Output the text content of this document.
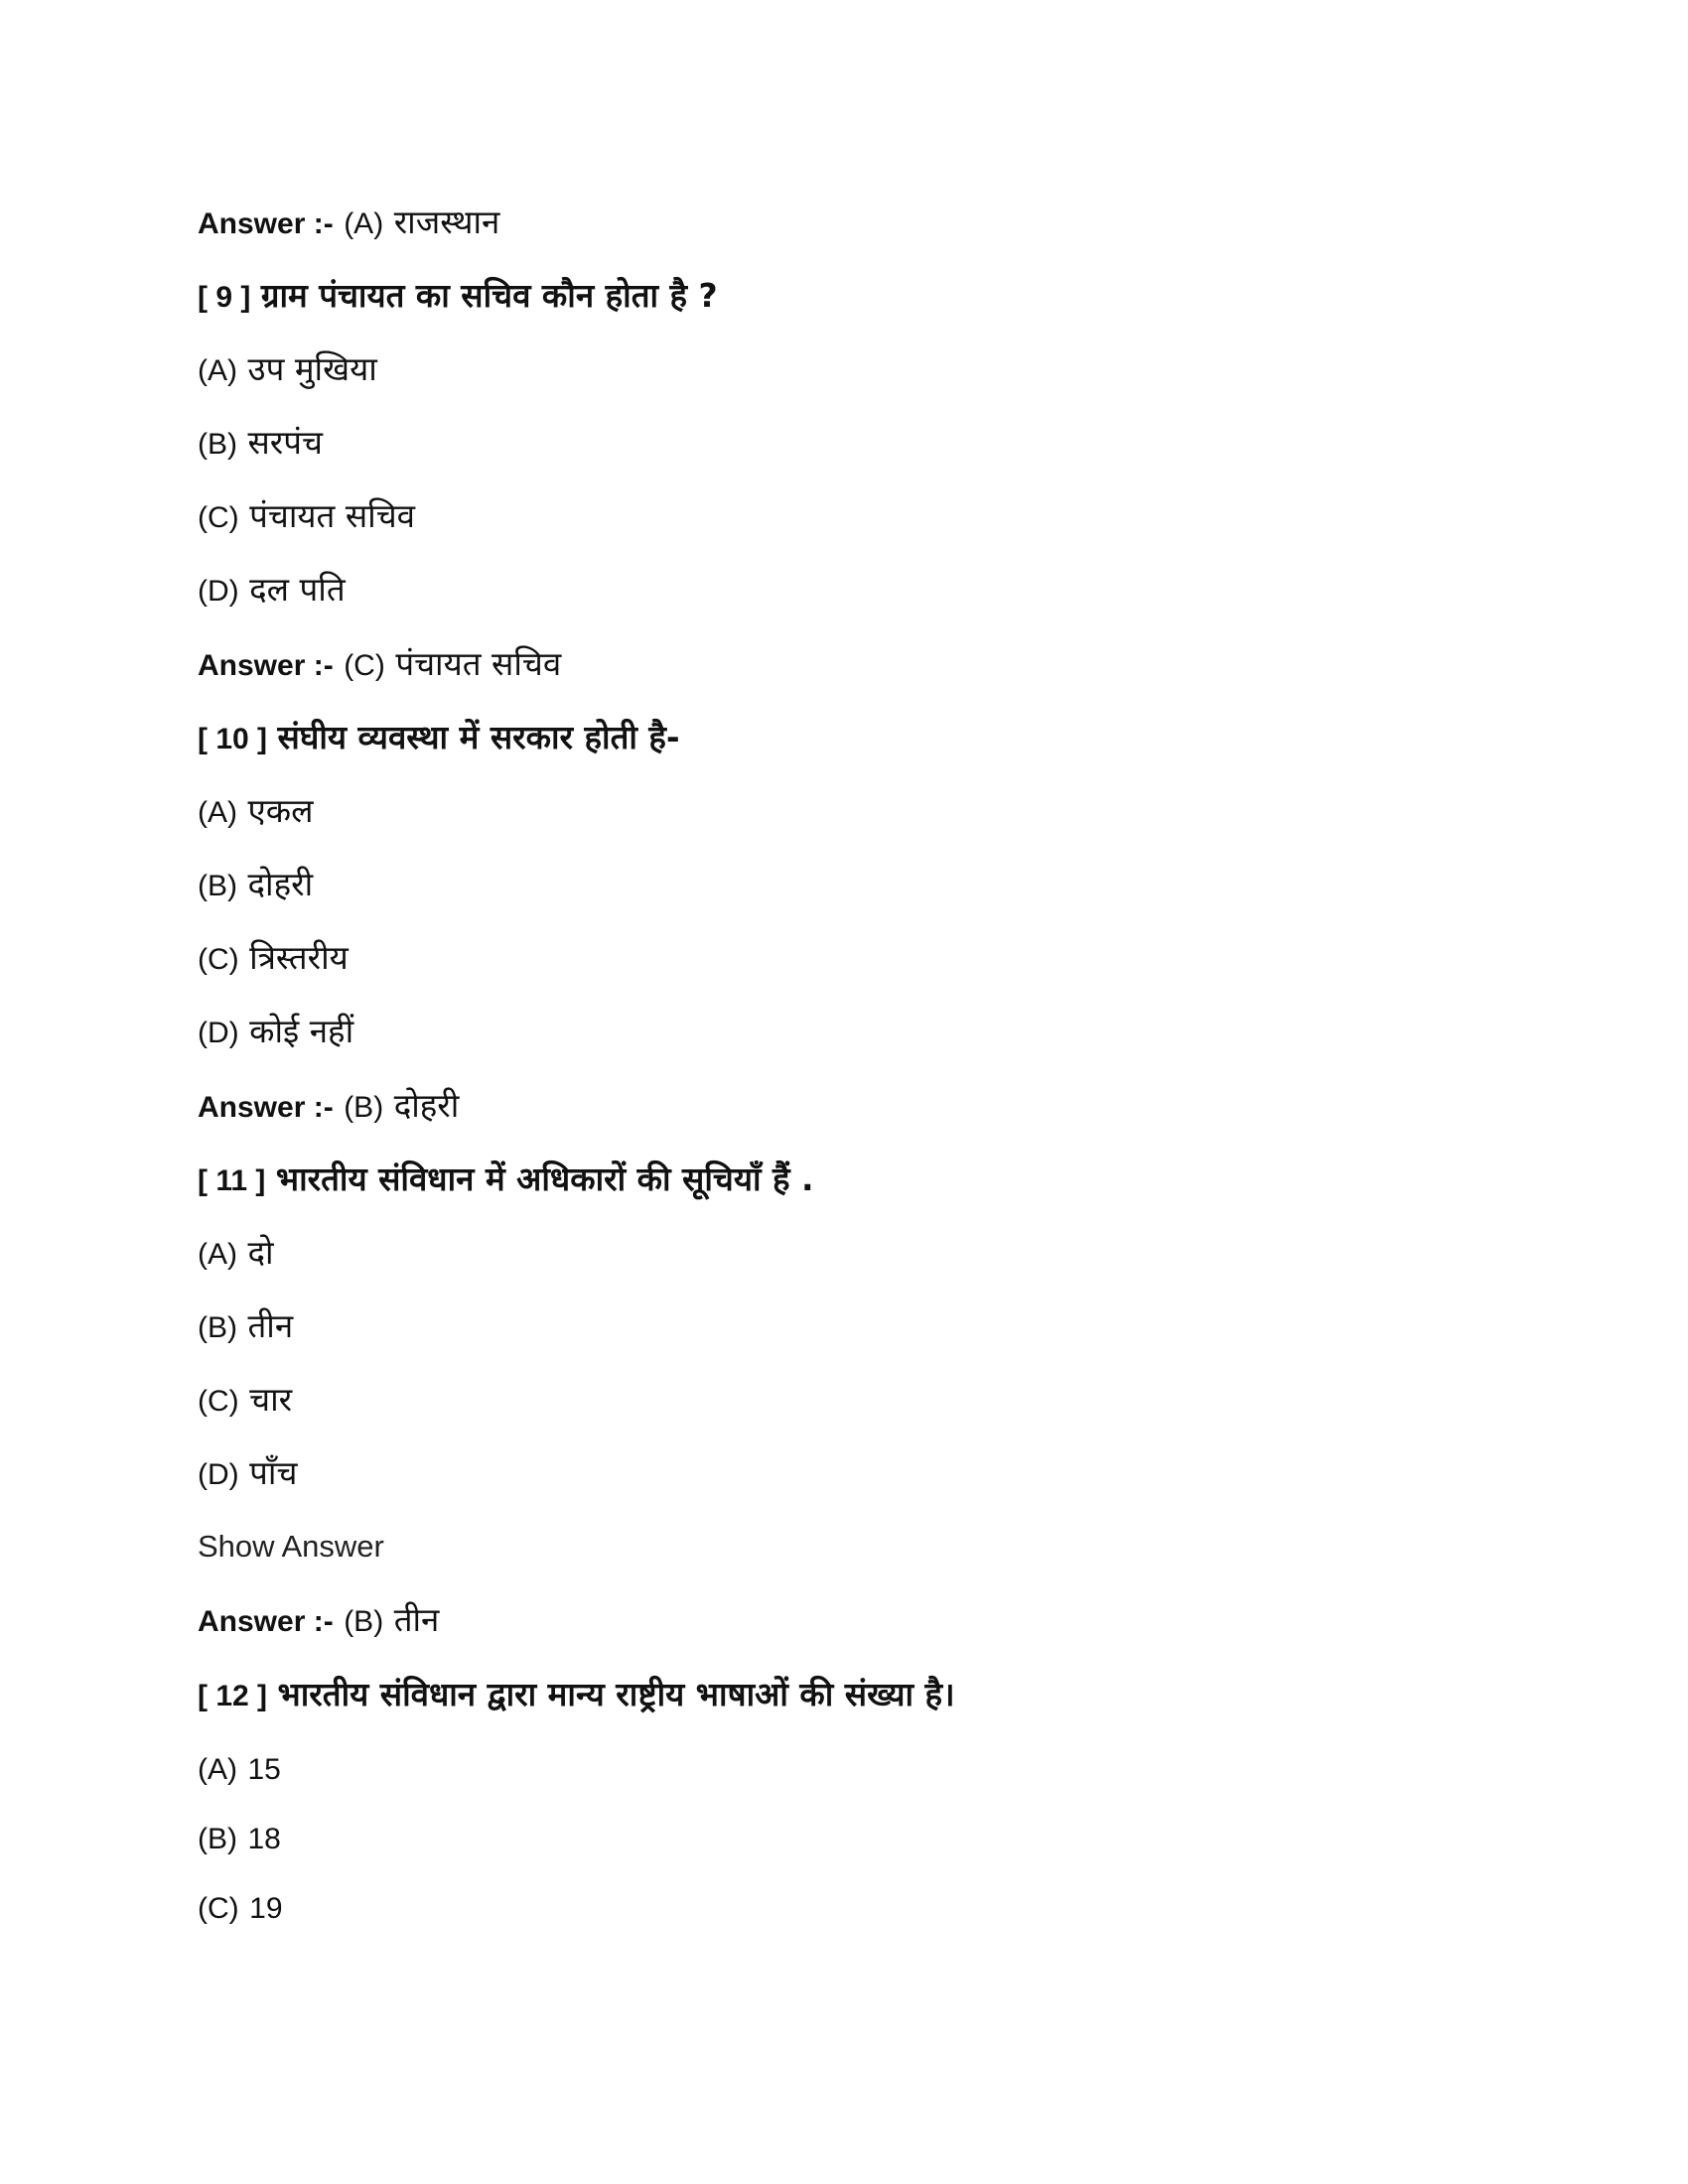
Answer :- (A) राजस्थान
[ 9 ] ग्राम पंचायत का सचिव कौन होता है ?
(A) उप मुखिया
(B) सरपंच
(C) पंचायत सचिव
(D) दल पति
Answer :- (C) पंचायत सचिव
[ 10 ] संघीय व्यवस्था में सरकार होती है-
(A) एकल
(B) दोहरी
(C) त्रिस्तरीय
(D) कोई नहीं
Answer :- (B) दोहरी
[ 11 ] भारतीय संविधान में अधिकारों की सूचियाँ हैं .
(A) दो
(B) तीन
(C) चार
(D) पाँच
Show Answer
Answer :- (B) तीन
[ 12 ] भारतीय संविधान द्वारा मान्य राष्ट्रीय भाषाओं की संख्या है।
(A) 15
(B) 18
(C) 19
